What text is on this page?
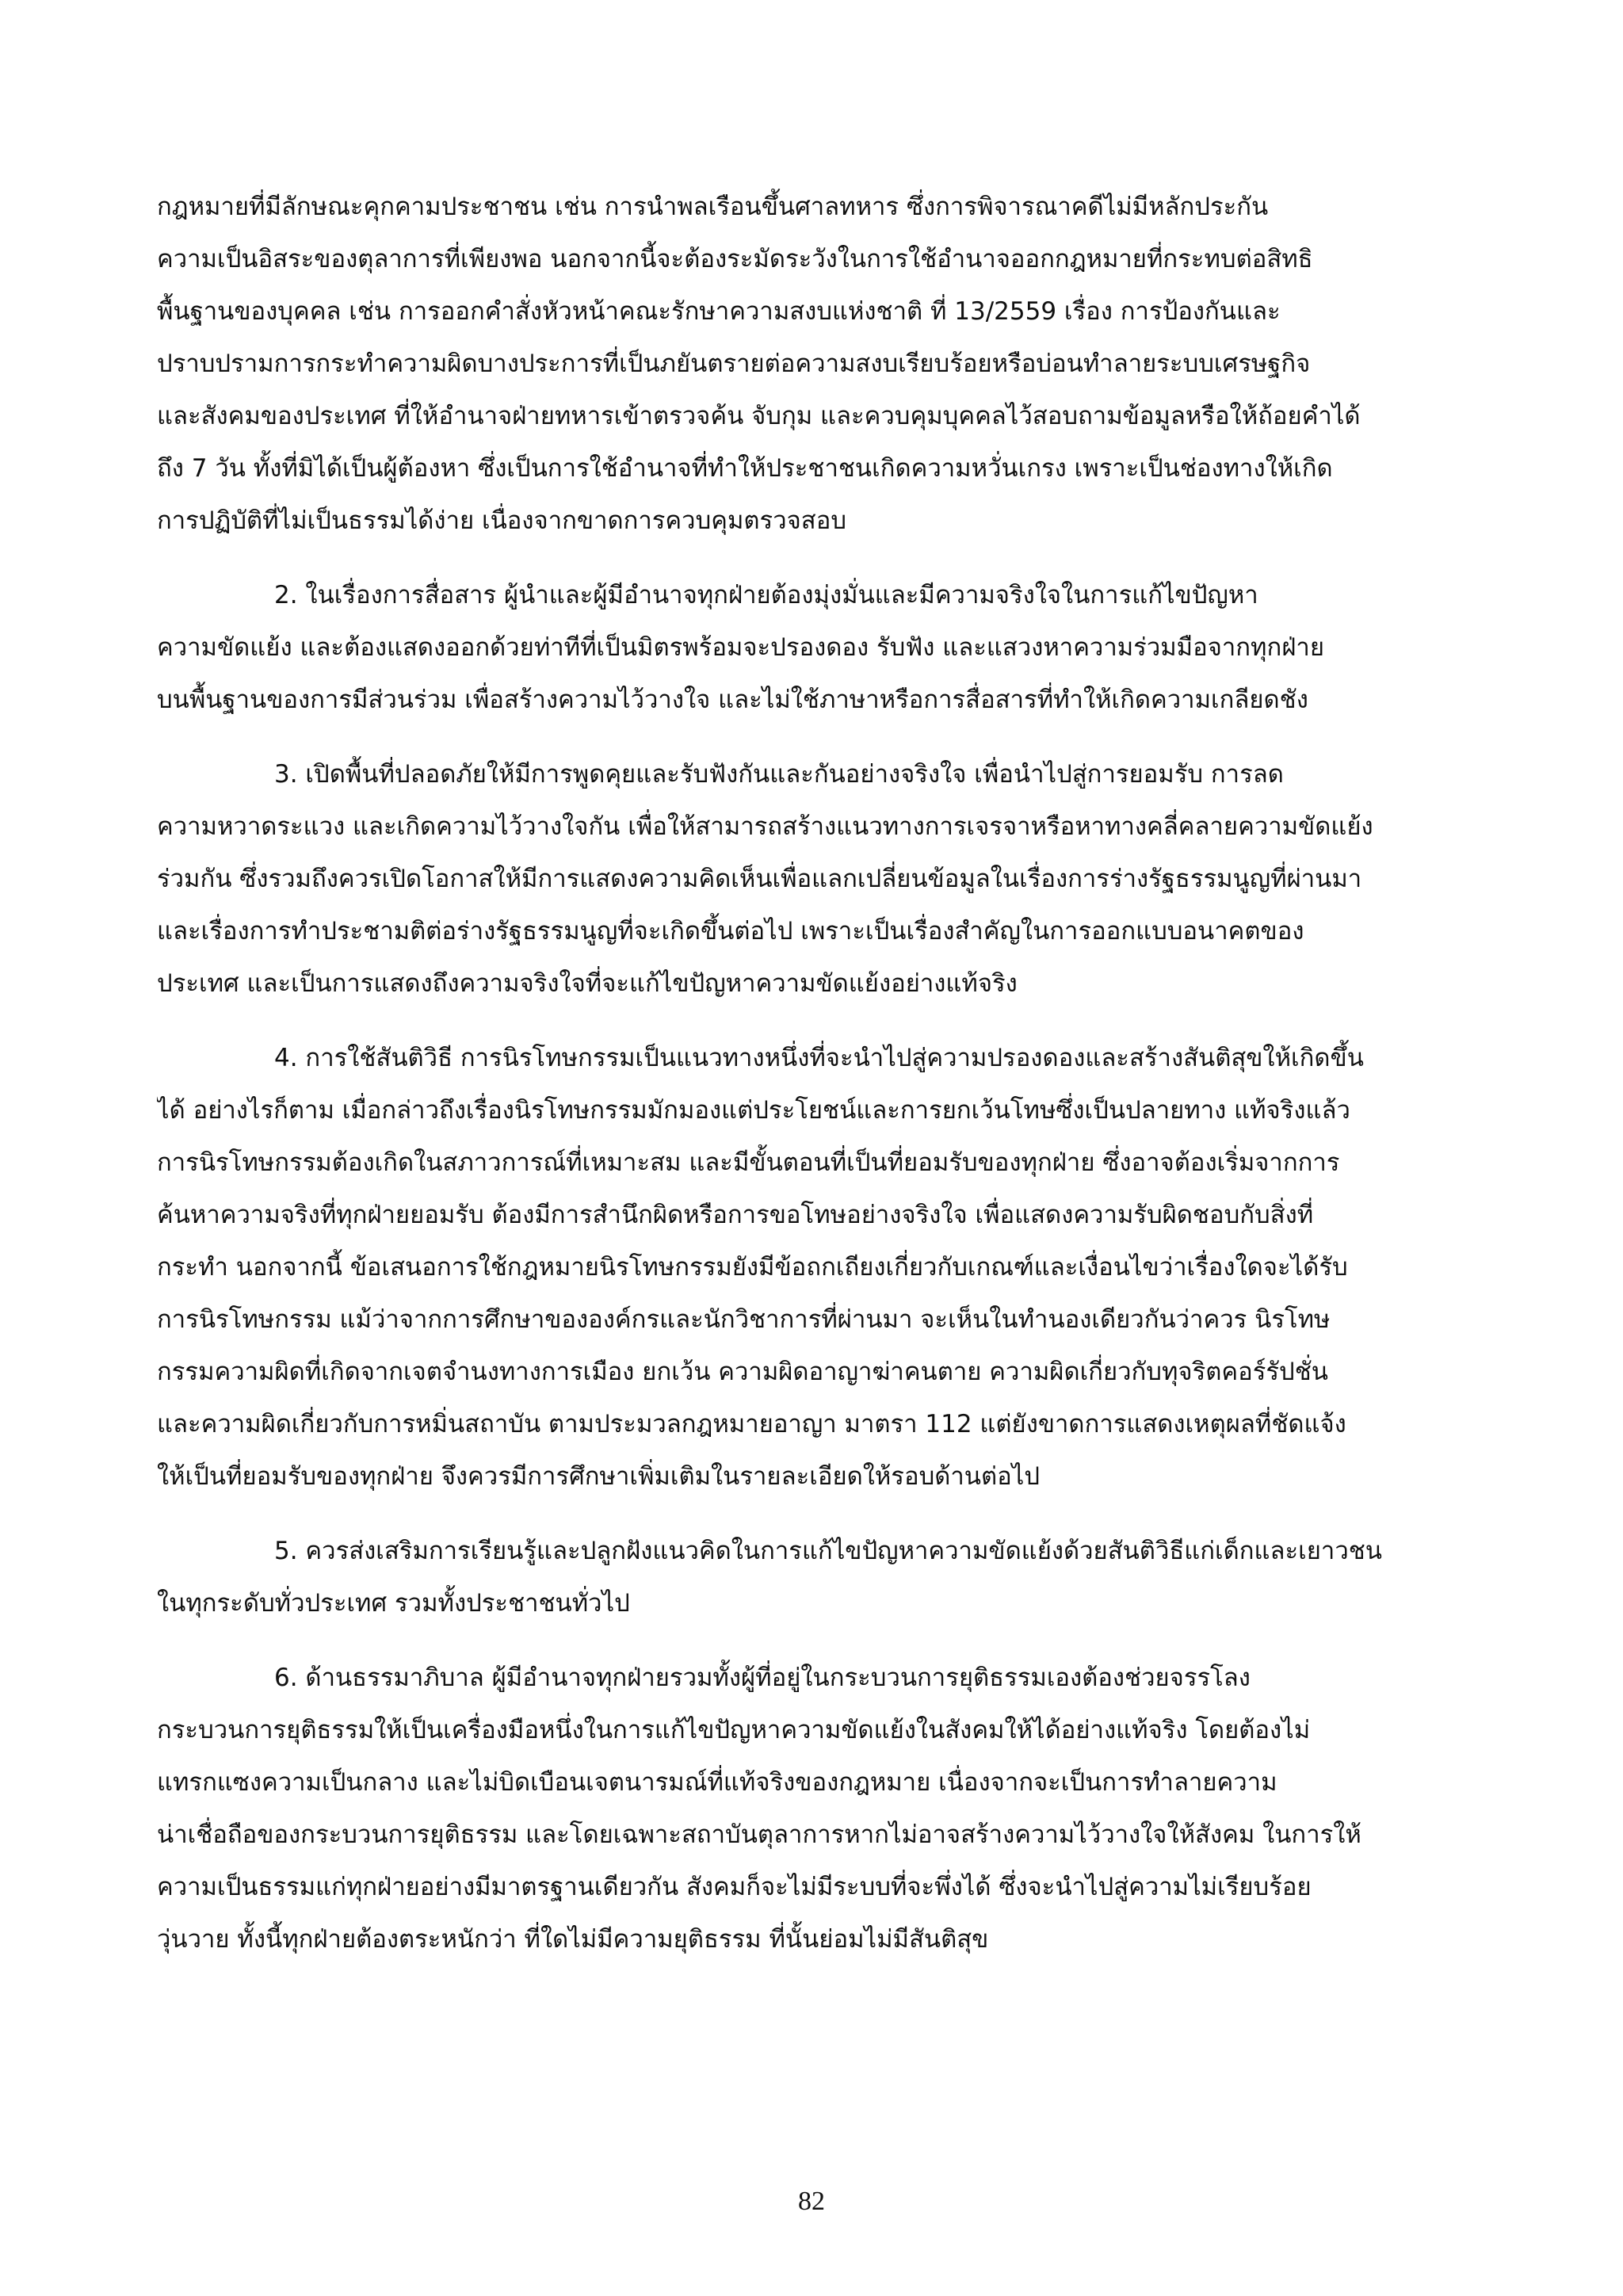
กฎหมายที่มีลักษณะคุกคามประชาชน เช่น การนำพลเรือนขึ้นศาลทหาร ซึ่งการพิจารณาคดีไม่มีหลักประกัน
ความเป็นอิสระของตุลาการที่เพียงพอ นอกจากนี้จะต้องระมัดระวังในการใช้อำนาจออกกฎหมายที่กระทบต่อสิทธิ
พื้นฐานของบุคคล เช่น การออกคำสั่งหัวหน้าคณะรักษาความสงบแห่งชาติ ที่ 13/2559 เรื่อง การป้องกันและ
ปราบปรามการกระทำความผิดบางประการที่เป็นภยันตรายต่อความสงบเรียบร้อยหรือบ่อนทำลายระบบเศรษฐกิจ
และสังคมของประเทศ ที่ให้อำนาจฝ่ายทหารเข้าตรวจค้น จับกุม และควบคุมบุคคลไว้สอบถามข้อมูลหรือให้ถ้อยคำได้
ถึง 7 วัน ทั้งที่มิได้เป็นผู้ต้องหา ซึ่งเป็นการใช้อำนาจที่ทำให้ประชาชนเกิดความหวั่นเกรง เพราะเป็นช่องทางให้เกิด
การปฏิบัติที่ไม่เป็นธรรมได้ง่าย เนื่องจากขาดการควบคุมตรวจสอบ
2. ในเรื่องการสื่อสาร ผู้นำและผู้มีอำนาจทุกฝ่ายต้องมุ่งมั่นและมีความจริงใจในการแก้ไขปัญหา
ความขัดแย้ง และต้องแสดงออกด้วยท่าทีที่เป็นมิตรพร้อมจะปรองดอง รับฟัง และแสวงหาความร่วมมือจากทุกฝ่าย
บนพื้นฐานของการมีส่วนร่วม เพื่อสร้างความไว้วางใจ และไม่ใช้ภาษาหรือการสื่อสารที่ทำให้เกิดความเกลียดชัง
3. เปิดพื้นที่ปลอดภัยให้มีการพูดคุยและรับฟังกันและกันอย่างจริงใจ เพื่อนำไปสู่การยอมรับ การลด
ความหวาดระแวง และเกิดความไว้วางใจกัน เพื่อให้สามารถสร้างแนวทางการเจรจาหรือหาทางคลี่คลายความขัดแย้ง
ร่วมกัน ซึ่งรวมถึงควรเปิดโอกาสให้มีการแสดงความคิดเห็นเพื่อแลกเปลี่ยนข้อมูลในเรื่องการร่างรัฐธรรมนูญที่ผ่านมา
และเรื่องการทำประชามติต่อร่างรัฐธรรมนูญที่จะเกิดขึ้นต่อไป เพราะเป็นเรื่องสำคัญในการออกแบบอนาคตของ
ประเทศ และเป็นการแสดงถึงความจริงใจที่จะแก้ไขปัญหาความขัดแย้งอย่างแท้จริง
4. การใช้สันติวิธี การนิรโทษกรรมเป็นแนวทางหนึ่งที่จะนำไปสู่ความปรองดองและสร้างสันติสุขให้เกิดขึ้น
ได้ อย่างไรก็ตาม เมื่อกล่าวถึงเรื่องนิรโทษกรรมมักมองแต่ประโยชน์และการยกเว้นโทษซึ่งเป็นปลายทาง แท้จริงแล้ว
การนิรโทษกรรมต้องเกิดในสภาวการณ์ที่เหมาะสม และมีขั้นตอนที่เป็นที่ยอมรับของทุกฝ่าย ซึ่งอาจต้องเริ่มจากการ
ค้นหาความจริงที่ทุกฝ่ายยอมรับ ต้องมีการสำนึกผิดหรือการขอโทษอย่างจริงใจ เพื่อแสดงความรับผิดชอบกับสิ่งที่
กระทำ นอกจากนี้ ข้อเสนอการใช้กฎหมายนิรโทษกรรมยังมีข้อถกเถียงเกี่ยวกับเกณฑ์และเงื่อนไขว่าเรื่องใดจะได้รับ
การนิรโทษกรรม แม้ว่าจากการศึกษาขององค์กรและนักวิชาการที่ผ่านมา จะเห็นในทำนองเดียวกันว่าควร นิรโทษ
กรรมความผิดที่เกิดจากเจตจำนงทางการเมือง ยกเว้น ความผิดอาญาฆ่าคนตาย ความผิดเกี่ยวกับทุจริตคอร์รัปชั่น
และความผิดเกี่ยวกับการหมิ่นสถาบัน ตามประมวลกฎหมายอาญา มาตรา 112 แต่ยังขาดการแสดงเหตุผลที่ชัดแจ้ง
ให้เป็นที่ยอมรับของทุกฝ่าย จึงควรมีการศึกษาเพิ่มเติมในรายละเอียดให้รอบด้านต่อไป
5. ควรส่งเสริมการเรียนรู้และปลูกฝังแนวคิดในการแก้ไขปัญหาความขัดแย้งด้วยสันติวิธีแก่เด็กและเยาวชน
ในทุกระดับทั่วประเทศ รวมทั้งประชาชนทั่วไป
6. ด้านธรรมาภิบาล ผู้มีอำนาจทุกฝ่ายรวมทั้งผู้ที่อยู่ในกระบวนการยุติธรรมเองต้องช่วยจรรโลง
กระบวนการยุติธรรมให้เป็นเครื่องมือหนึ่งในการแก้ไขปัญหาความขัดแย้งในสังคมให้ได้อย่างแท้จริง โดยต้องไม่
แทรกแซงความเป็นกลาง และไม่บิดเบือนเจตนารมณ์ที่แท้จริงของกฎหมาย เนื่องจากจะเป็นการทำลายความ
น่าเชื่อถือของกระบวนการยุติธรรม และโดยเฉพาะสถาบันตุลาการหากไม่อาจสร้างความไว้วางใจให้สังคม ในการให้
ความเป็นธรรมแก่ทุกฝ่ายอย่างมีมาตรฐานเดียวกัน สังคมก็จะไม่มีระบบที่จะพึ่งได้ ซึ่งจะนำไปสู่ความไม่เรียบร้อย
วุ่นวาย ทั้งนี้ทุกฝ่ายต้องตระหนักว่า ที่ใดไม่มีความยุติธรรม ที่นั้นย่อมไม่มีสันติสุข
82
